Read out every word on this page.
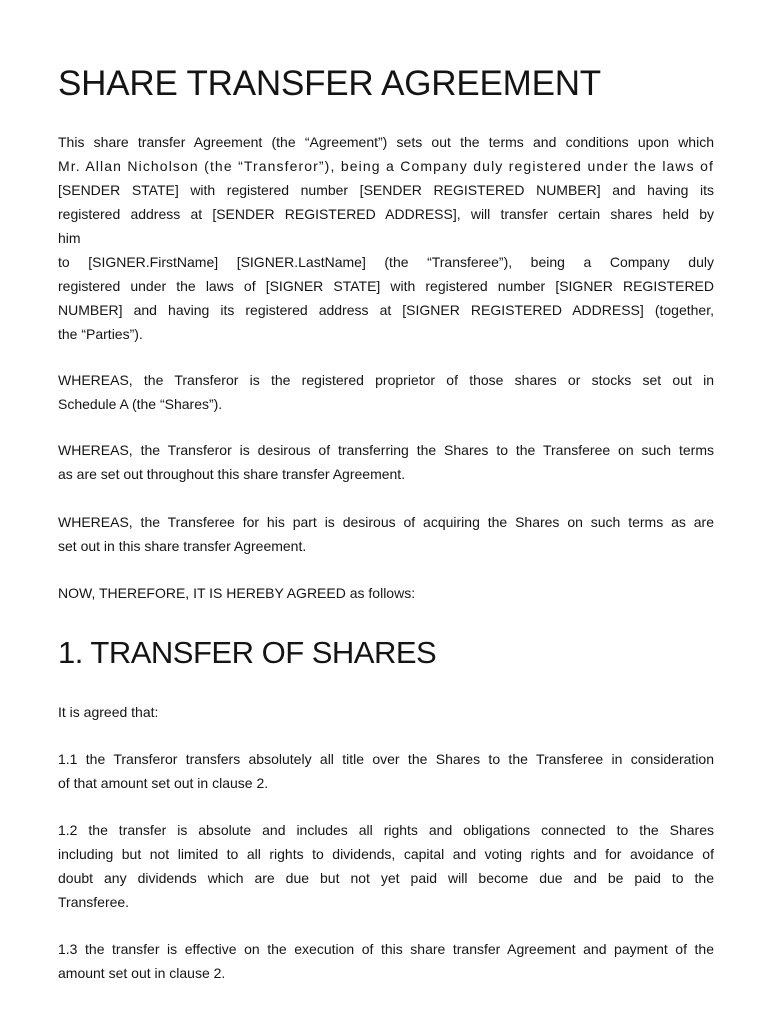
SHARE TRANSFER AGREEMENT
This share transfer Agreement (the “Agreement”) sets out the terms and conditions upon which
Mr. Allan Nicholson (the “Transferor”), being a Company duly registered under the laws of
[SENDER STATE] with registered number [SENDER REGISTERED NUMBER] and having its
registered address at [SENDER REGISTERED ADDRESS], will transfer certain shares held by
him
to [SIGNER.FirstName] [SIGNER.LastName] (the “Transferee”), being a Company duly
registered under the laws of [SIGNER STATE] with registered number [SIGNER REGISTERED
NUMBER] and having its registered address at [SIGNER REGISTERED ADDRESS] (together,
the “Parties”).
WHEREAS, the Transferor is the registered proprietor of those shares or stocks set out in
Schedule A (the “Shares”).
WHEREAS, the Transferor is desirous of transferring the Shares to the Transferee on such terms
as are set out throughout this share transfer Agreement.
WHEREAS, the Transferee for his part is desirous of acquiring the Shares on such terms as are
set out in this share transfer Agreement.
NOW, THEREFORE, IT IS HEREBY AGREED as follows:
1. TRANSFER OF SHARES
It is agreed that:
1.1 the Transferor transfers absolutely all title over the Shares to the Transferee in consideration
of that amount set out in clause 2.
1.2 the transfer is absolute and includes all rights and obligations connected to the Shares
including but not limited to all rights to dividends, capital and voting rights and for avoidance of
doubt any dividends which are due but not yet paid will become due and be paid to the
Transferee.
1.3 the transfer is effective on the execution of this share transfer Agreement and payment of the
amount set out in clause 2.
